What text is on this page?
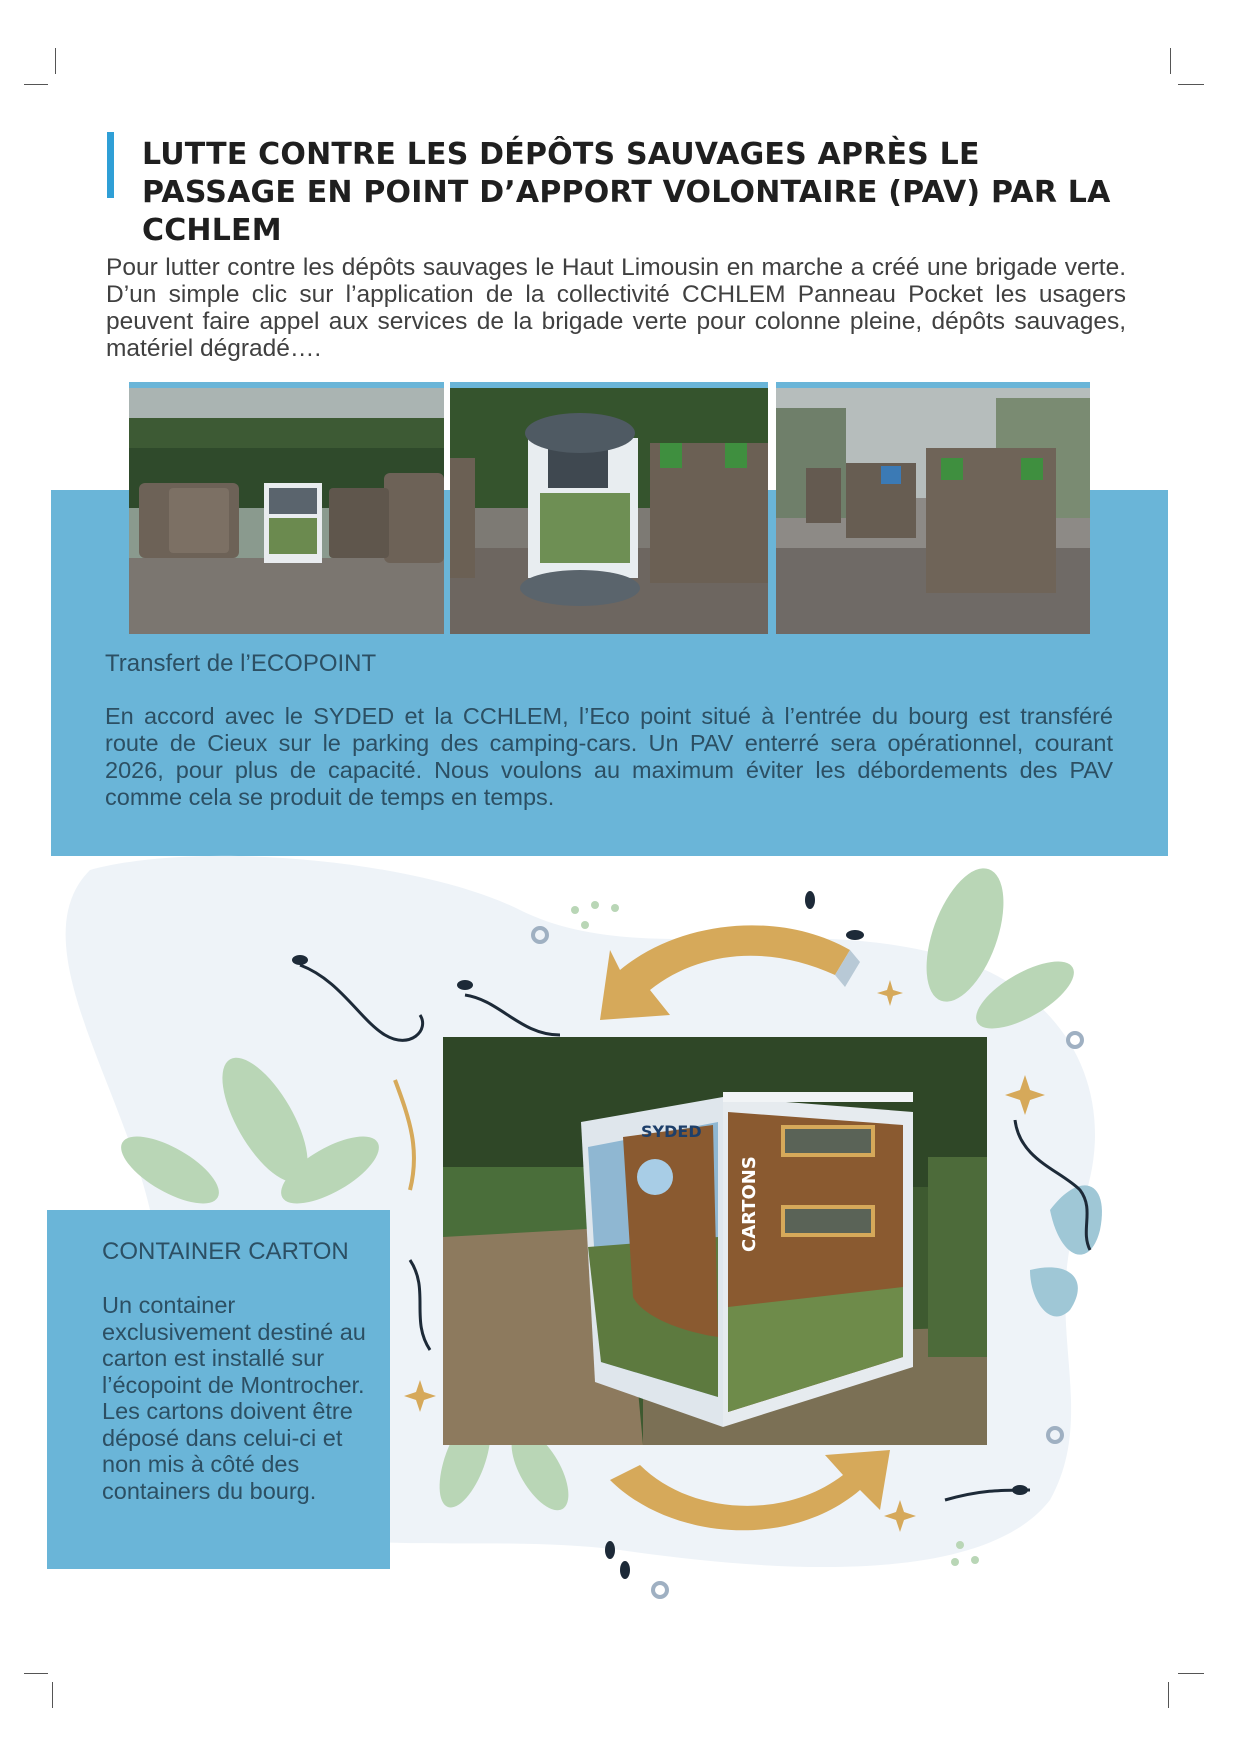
LUTTE CONTRE LES DÉPÔTS SAUVAGES APRÈS LE PASSAGE EN POINT D’APPORT VOLONTAIRE (PAV) PAR LA CCHLEM

Pour lutter contre les dépôts sauvages le Haut Limousin en marche a créé une brigade verte. D’un simple clic sur l’application de la collectivité CCHLEM Panneau Pocket les usagers peuvent faire appel aux services de la brigade verte pour colonne pleine, dépôts sauvages, matériel dégradé….

Transfert de l’ECOPOINT

En accord avec le SYDED et la CCHLEM, l’Eco point situé à l’entrée du bourg est transféré route de Cieux sur le parking des camping-cars. Un PAV enterré sera opérationnel, courant 2026, pour plus de capacité. Nous voulons au maximum éviter les débordements des PAV comme cela se produit de temps en temps.

SYDED
CARTONS
CONTAINER CARTON

Un container exclusivement destiné au carton est installé sur l’écopoint de Montrocher. Les cartons doivent être déposé dans celui-ci et non mis à côté des containers du bourg.
